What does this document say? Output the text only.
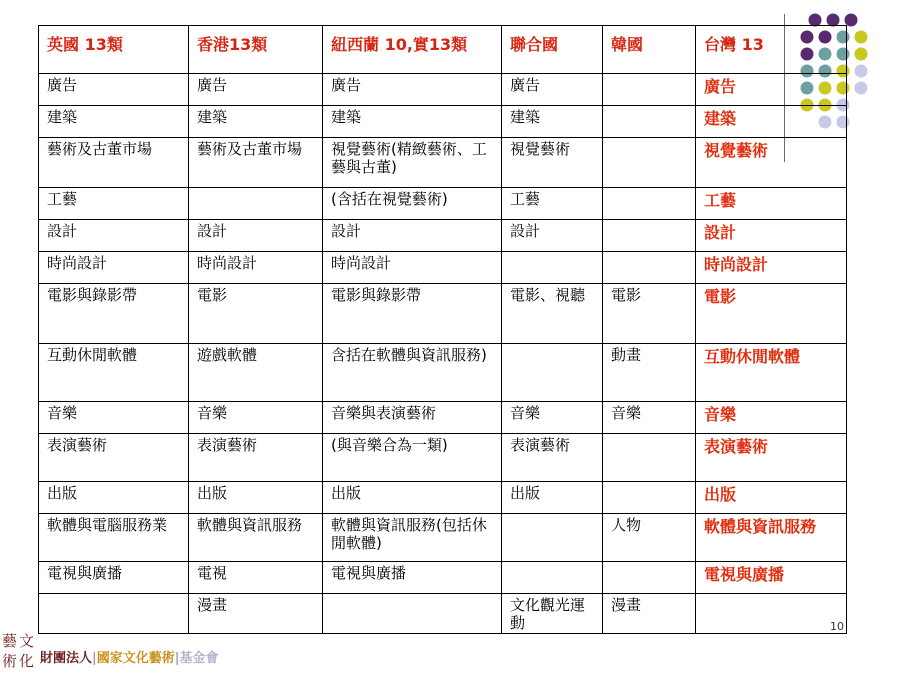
英國 13類	香港13類	紐西蘭 10,實13類	聯合國	韓國	台灣 13
廣告	廣告	廣告	廣告		廣告
建築	建築	建築	建築		建築
藝術及古董市場	藝術及古董市場	視覺藝術(精緻藝術、工藝與古董)	視覺藝術		視覺藝術
工藝		(含括在視覺藝術)	工藝		工藝
設計	設計	設計	設計		設計
時尚設計	時尚設計	時尚設計			時尚設計
電影與錄影帶	電影	電影與錄影帶	電影、視聽	電影	電影
互動休閒軟體	遊戲軟體	含括在軟體與資訊服務)		動畫	互動休閒軟體
音樂	音樂	音樂與表演藝術	音樂	音樂	音樂
表演藝術	表演藝術	(與音樂合為一類)	表演藝術		表演藝術
出版	出版	出版	出版		出版
軟體與電腦服務業	軟體與資訊服務	軟體與資訊服務(包括休閒軟體)		人物	軟體與資訊服務
電視與廣播	電視	電視與廣播			電視與廣播
	漫畫		文化觀光運動	漫畫	
10
藝 文
術 化 財團法人|國家文化藝術|基金會
